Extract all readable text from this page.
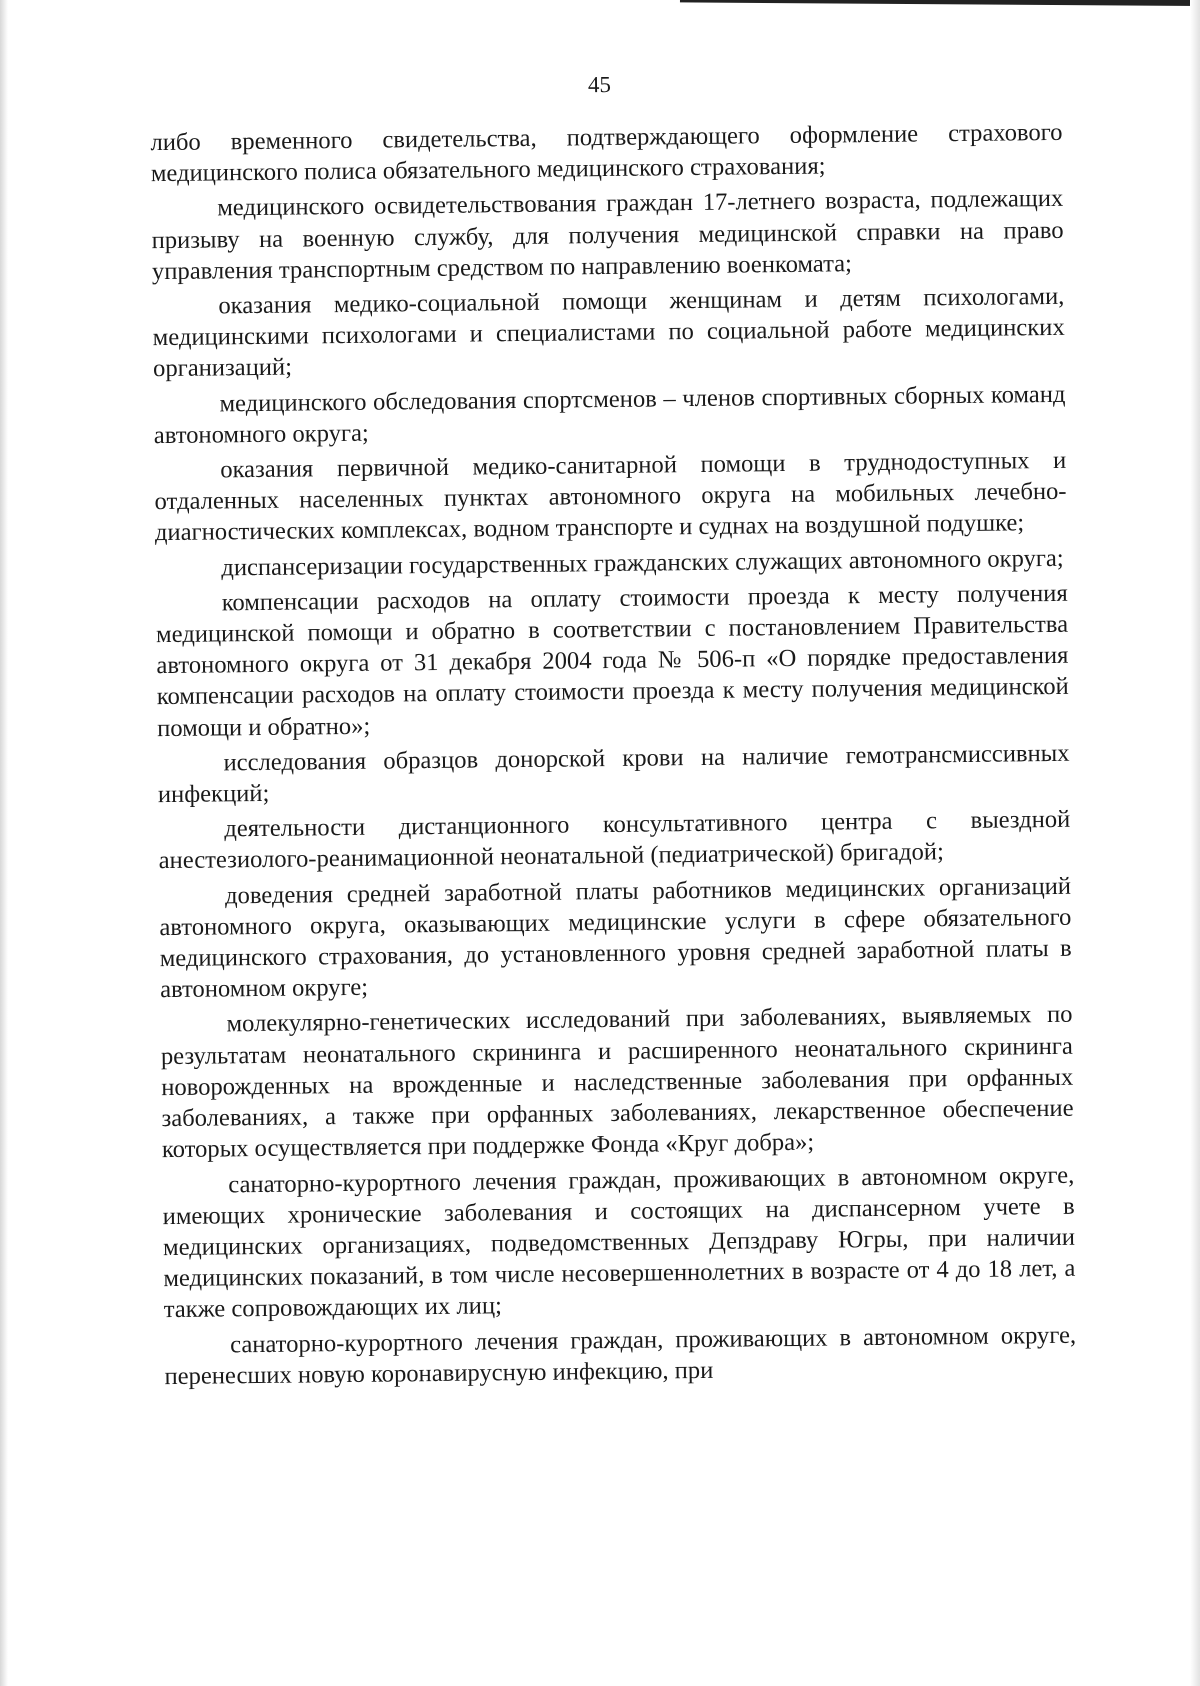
45

либо временного свидетельства, подтверждающего оформление страхового медицинского полиса обязательного медицинского страхования;

медицинского освидетельствования граждан 17-летнего возраста, подлежащих призыву на военную службу, для получения медицинской справки на право управления транспортным средством по направлению военкомата;

оказания медико-социальной помощи женщинам и детям психологами, медицинскими психологами и специалистами по социальной работе медицинских организаций;

медицинского обследования спортсменов – членов спортивных сборных команд автономного округа;

оказания первичной медико-санитарной помощи в труднодоступных и отдаленных населенных пунктах автономного округа на мобильных лечебно-диагностических комплексах, водном транспорте и суднах на воздушной подушке;

диспансеризации государственных гражданских служащих автономного округа;

компенсации расходов на оплату стоимости проезда к месту получения медицинской помощи и обратно в соответствии с постановлением Правительства автономного округа от 31 декабря 2004 года № 506-п «О порядке предоставления компенсации расходов на оплату стоимости проезда к месту получения медицинской помощи и обратно»;

исследования образцов донорской крови на наличие гемотрансмиссивных инфекций;

деятельности дистанционного консультативного центра с выездной анестезиолого-реанимационной неонатальной (педиатрической) бригадой;

доведения средней заработной платы работников медицинских организаций автономного округа, оказывающих медицинские услуги в сфере обязательного медицинского страхования, до установленного уровня средней заработной платы в автономном округе;

молекулярно-генетических исследований при заболеваниях, выявляемых по результатам неонатального скрининга и расширенного неонатального скрининга новорожденных на врожденные и наследственные заболевания при орфанных заболеваниях, а также при орфанных заболеваниях, лекарственное обеспечение которых осуществляется при поддержке Фонда «Круг добра»;

санаторно-курортного лечения граждан, проживающих в автономном округе, имеющих хронические заболевания и состоящих на диспансерном учете в медицинских организациях, подведомственных Депздраву Югры, при наличии медицинских показаний, в том числе несовершеннолетних в возрасте от 4 до 18 лет, а также сопровождающих их лиц;

санаторно-курортного лечения граждан, проживающих в автономном округе, перенесших новую коронавирусную инфекцию, при
